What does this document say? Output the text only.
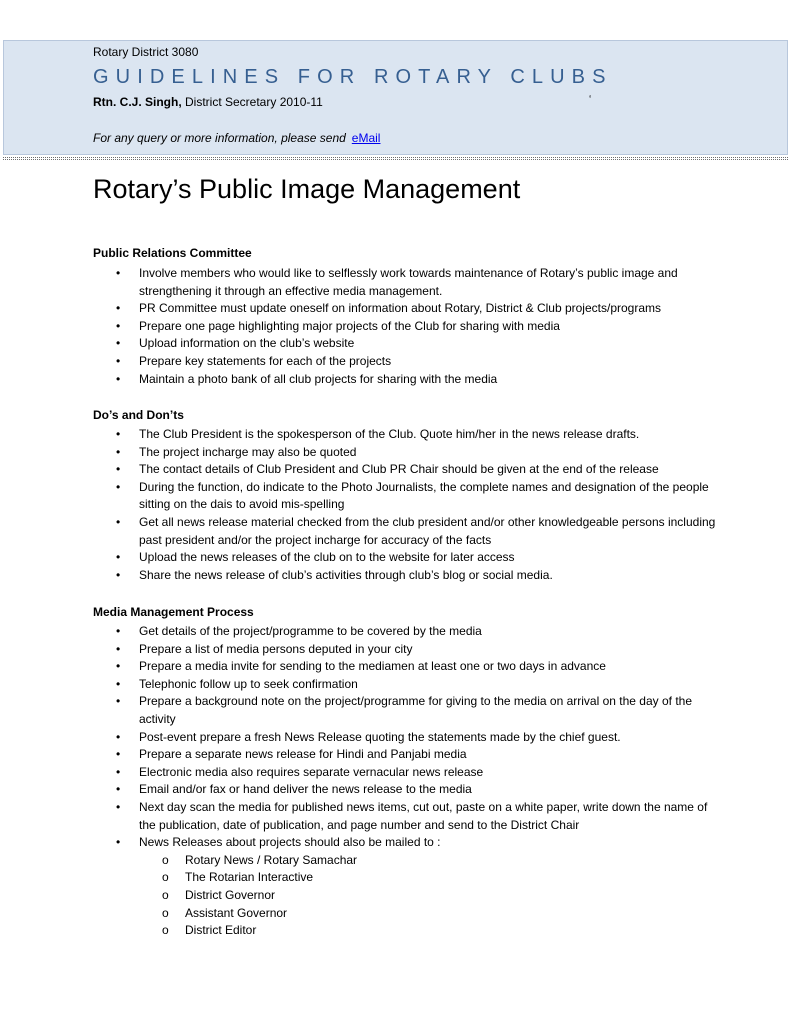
Rotary District 3080
GUIDELINES FOR ROTARY CLUBS
Rtn. C.J. Singh, District Secretary 2010-11	‘
For any query or more information, please send eMail
Rotary’s Public Image Management
Public Relations Committee
• Involve members who would like to selflessly work towards maintenance of Rotary’s public image and strengthening it through an effective media management.
• PR Committee must update oneself on information about Rotary, District & Club projects/programs
• Prepare one page highlighting major projects of the Club for sharing with media
• Upload information on the club’s website
• Prepare key statements for each of the projects
• Maintain a photo bank of all club projects for sharing with the media
Do’s and Don’ts
• The Club President is the spokesperson of the Club. Quote him/her in the news release drafts.
• The project incharge may also be quoted
• The contact details of Club President and Club PR Chair should be given at the end of the release
• During the function, do indicate to the Photo Journalists, the complete names and designation of the people sitting on the dais to avoid mis-spelling
• Get all news release material checked from the club president and/or other knowledgeable persons including past president and/or the project incharge for accuracy of the facts
• Upload the news releases of the club on to the website for later access
• Share the news release of club’s activities through club’s blog or social media.
Media Management Process
• Get details of the project/programme to be covered by the media
• Prepare a list of media persons deputed in your city
• Prepare a media invite for sending to the mediamen at least one or two days in advance
• Telephonic follow up to seek confirmation
• Prepare a background note on the project/programme for giving to the media on arrival on the day of the activity
• Post-event prepare a fresh News Release quoting the statements made by the chief guest.
• Prepare a separate news release for Hindi and Panjabi media
• Electronic media also requires separate vernacular news release
• Email and/or fax or hand deliver the news release to the media
• Next day scan the media for published news items, cut out, paste on a white paper, write down the name of the publication, date of publication, and page number and send to the District Chair
• News Releases about projects should also be mailed to :
o Rotary News / Rotary Samachar
o The Rotarian Interactive
o District Governor
o Assistant Governor
o District Editor
